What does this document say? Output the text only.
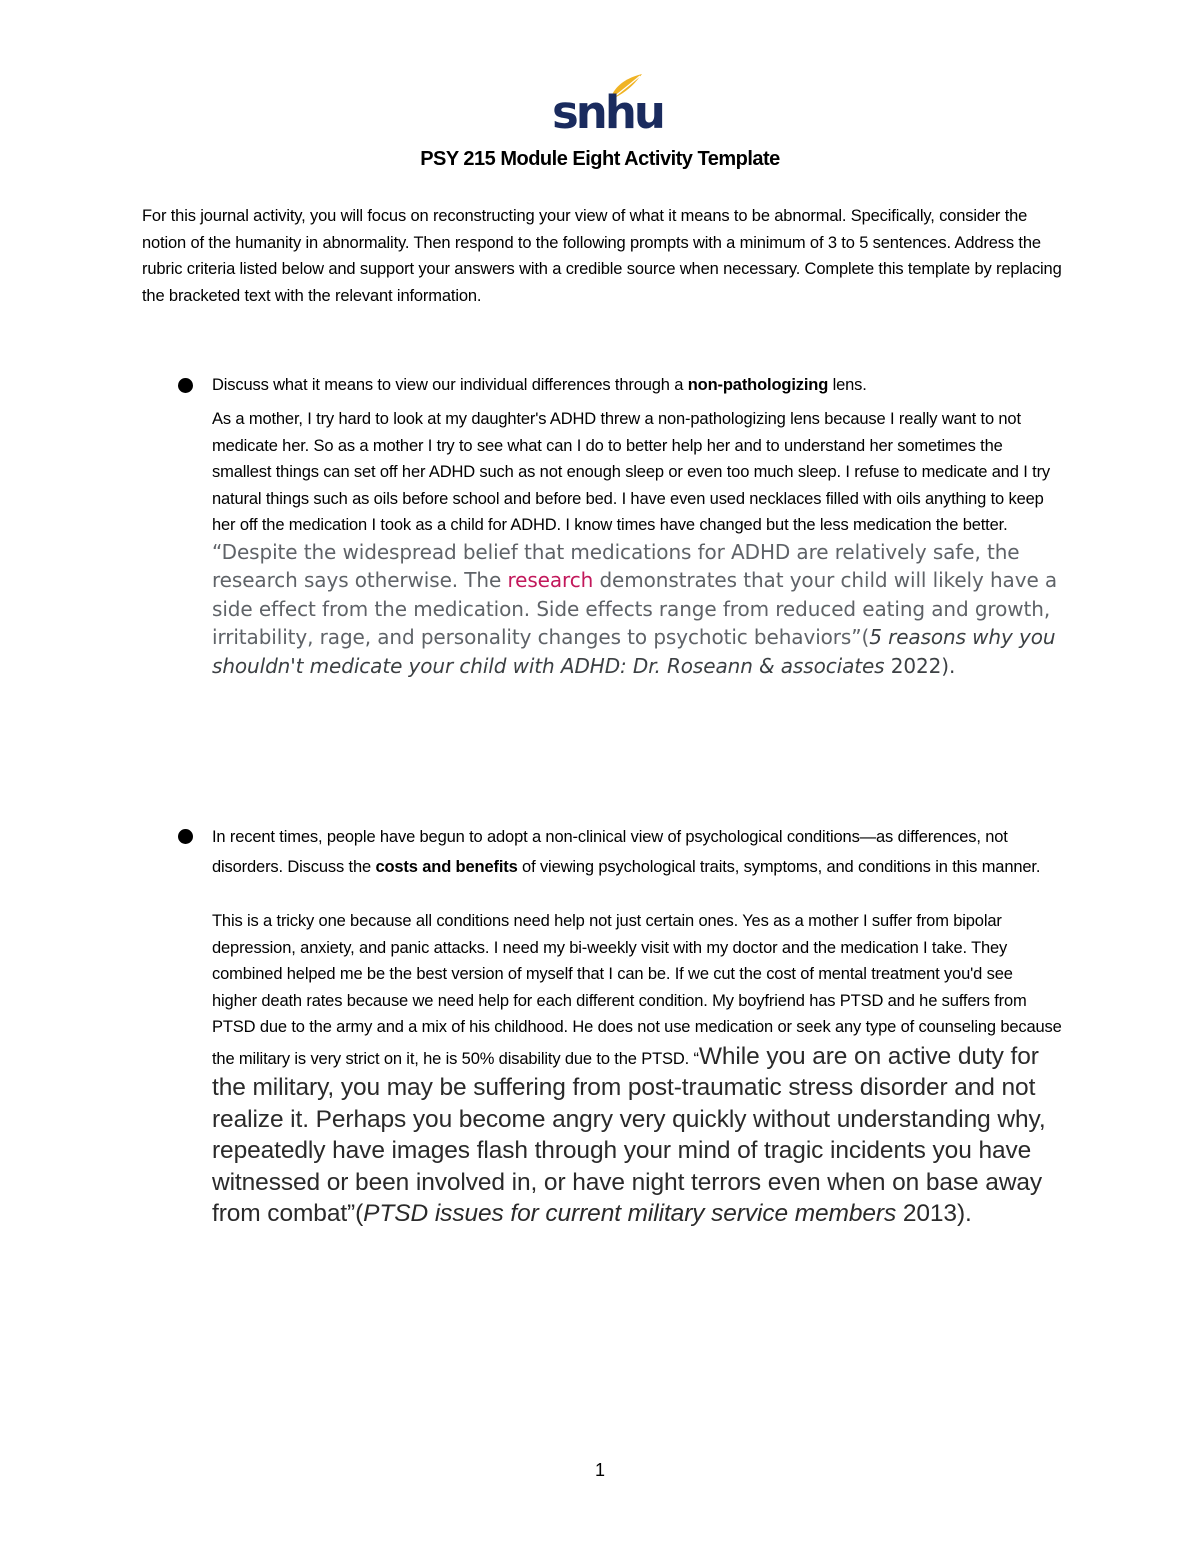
snhu
PSY 215 Module Eight Activity Template
For this journal activity, you will focus on reconstructing your view of what it means to be abnormal. Specifically, consider the notion of the humanity in abnormality. Then respond to the following prompts with a minimum of 3 to 5 sentences. Address the rubric criteria listed below and support your answers with a credible source when necessary. Complete this template by replacing the bracketed text with the relevant information.
Discuss what it means to view our individual differences through a non-pathologizing lens.
As a mother, I try hard to look at my daughter's ADHD threw a non-pathologizing lens because I really want to not medicate her. So as a mother I try to see what can I do to better help her and to understand her sometimes the smallest things can set off her ADHD such as not enough sleep or even too much sleep. I refuse to medicate and I try natural things such as oils before school and before bed. I have even used necklaces filled with oils anything to keep her off the medication I took as a child for ADHD. I know times have changed but the less medication the better. “Despite the widespread belief that medications for ADHD are relatively safe, the research says otherwise. The research demonstrates that your child will likely have a side effect from the medication. Side effects range from reduced eating and growth, irritability, rage, and personality changes to psychotic behaviors”(5 reasons why you shouldn't medicate your child with ADHD: Dr. Roseann & associates 2022).
In recent times, people have begun to adopt a non-clinical view of psychological conditions—as differences, not disorders. Discuss the costs and benefits of viewing psychological traits, symptoms, and conditions in this manner.
This is a tricky one because all conditions need help not just certain ones. Yes as a mother I suffer from bipolar depression, anxiety, and panic attacks. I need my bi-weekly visit with my doctor and the medication I take. They combined helped me be the best version of myself that I can be. If we cut the cost of mental treatment you'd see higher death rates because we need help for each different condition. My boyfriend has PTSD and he suffers from PTSD due to the army and a mix of his childhood. He does not use medication or seek any type of counseling because the military is very strict on it, he is 50% disability due to the PTSD. “While you are on active duty for the military, you may be suffering from post-traumatic stress disorder and not realize it. Perhaps you become angry very quickly without understanding why, repeatedly have images flash through your mind of tragic incidents you have witnessed or been involved in, or have night terrors even when on base away from combat”(PTSD issues for current military service members 2013).
1
